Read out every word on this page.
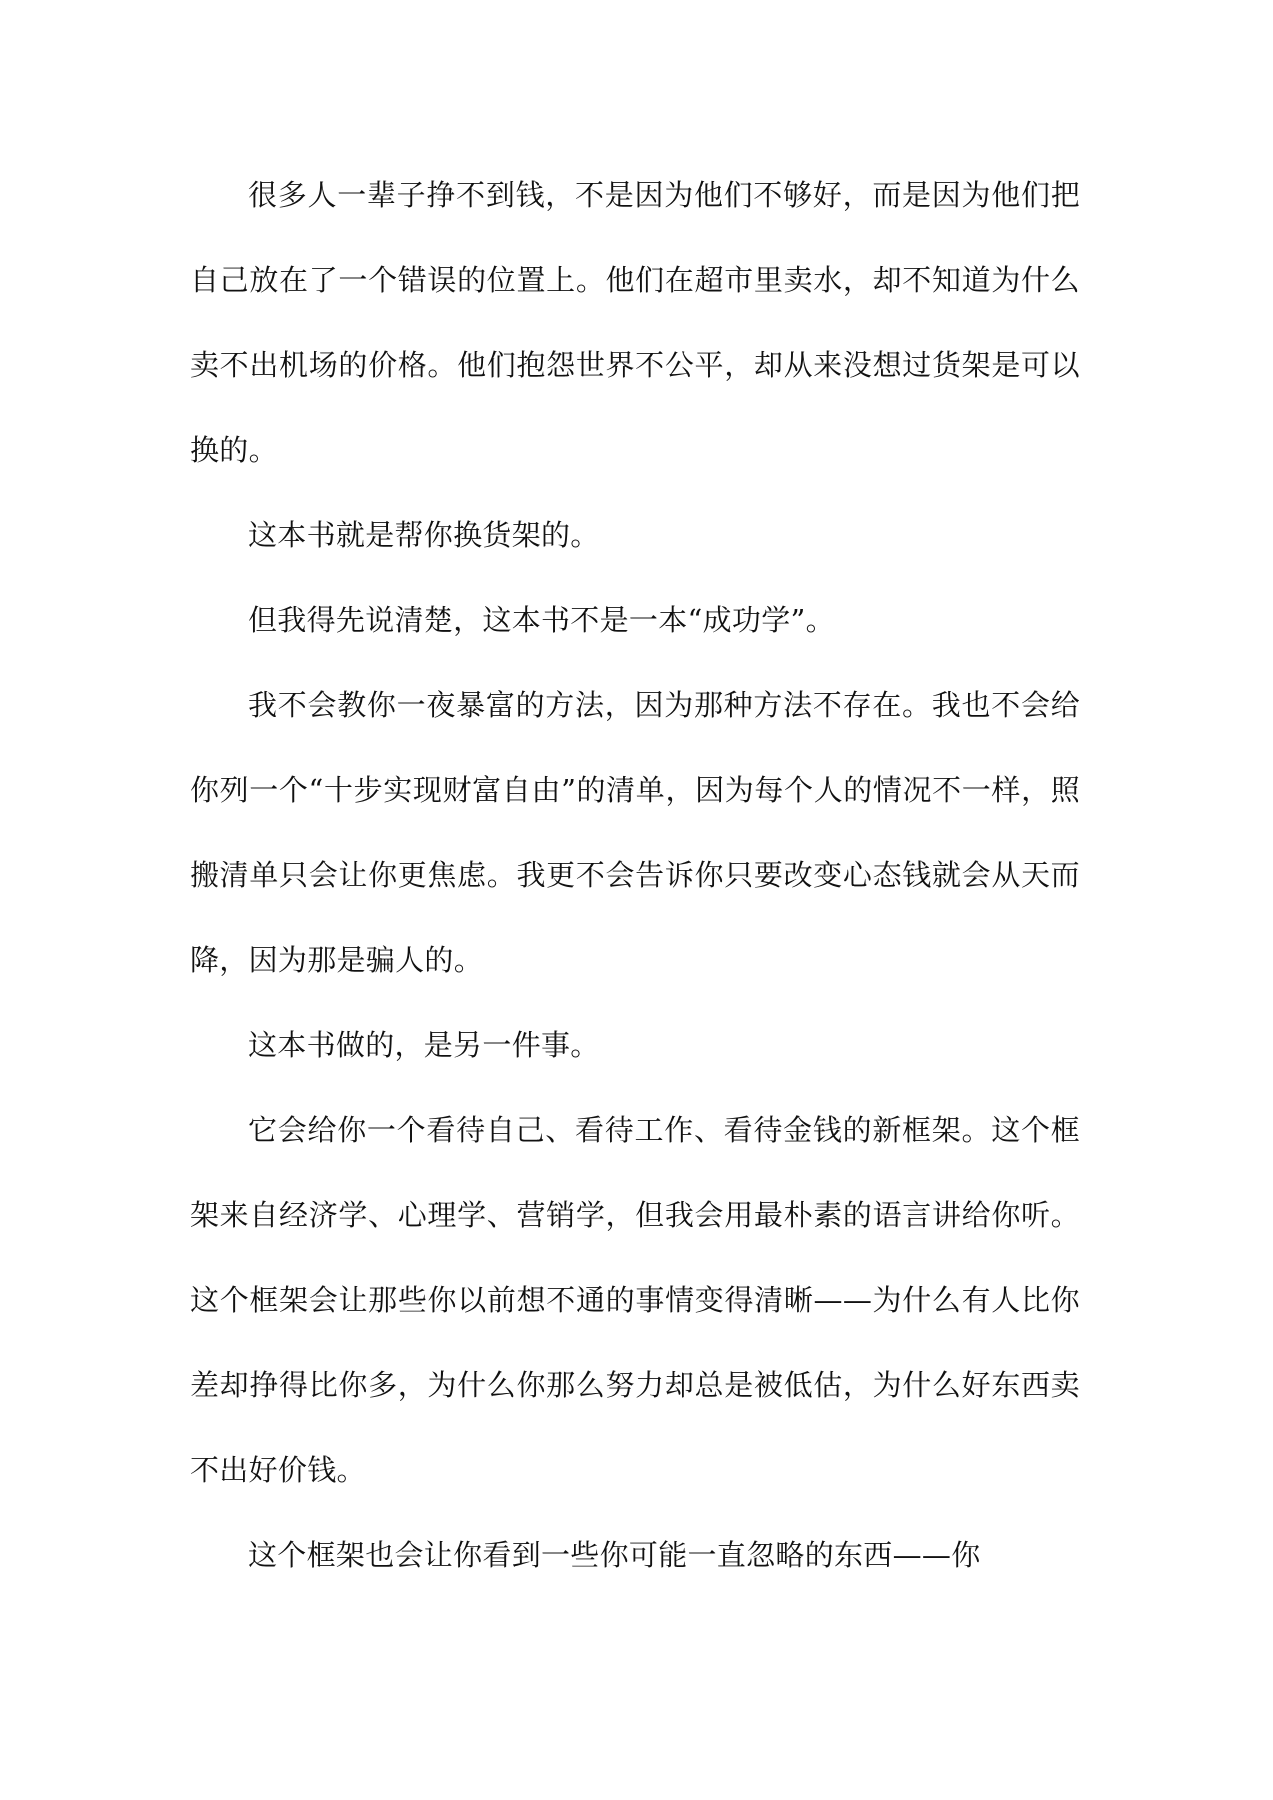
很多人一辈子挣不到钱，不是因为他们不够好，而是因为他们把自己放在了一个错误的位置上。他们在超市里卖水，却不知道为什么卖不出机场的价格。他们抱怨世界不公平，却从来没想过货架是可以换的。

这本书就是帮你换货架的。

但我得先说清楚，这本书不是一本“成功学”。

我不会教你一夜暴富的方法，因为那种方法不存在。我也不会给你列一个“十步实现财富自由”的清单，因为每个人的情况不一样，照搬清单只会让你更焦虑。我更不会告诉你只要改变心态钱就会从天而降，因为那是骗人的。

这本书做的，是另一件事。

它会给你一个看待自己、看待工作、看待金钱的新框架。这个框架来自经济学、心理学、营销学，但我会用最朴素的语言讲给你听。这个框架会让那些你以前想不通的事情变得清晰——为什么有人比你差却挣得比你多，为什么你那么努力却总是被低估，为什么好东西卖不出好价钱。

这个框架也会让你看到一些你可能一直忽略的东西——你
